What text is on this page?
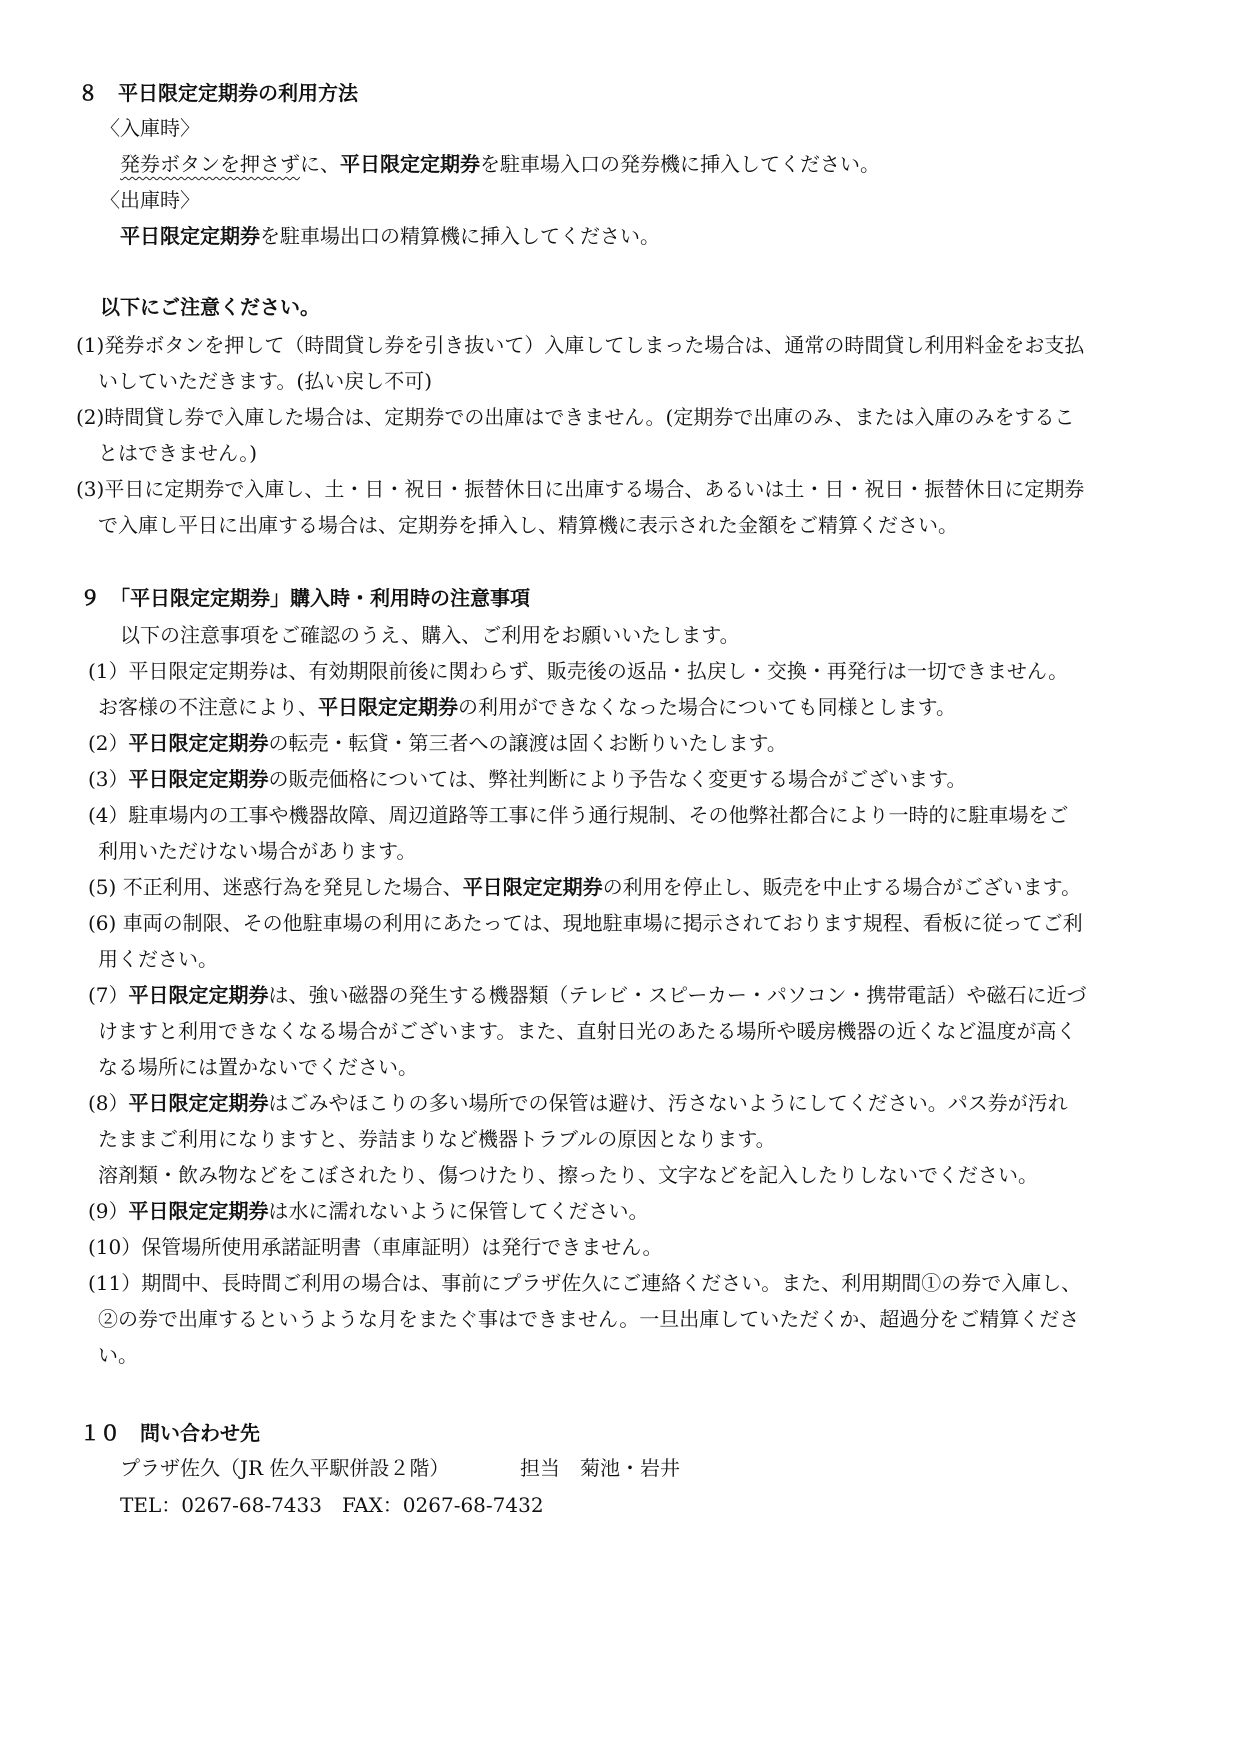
８　平日限定定期券の利用方法
〈入庫時〉
発券ボタンを押さずに、平日限定定期券を駐車場入口の発券機に挿入してください。
〈出庫時〉
平日限定定期券を駐車場出口の精算機に挿入してください。
以下にご注意ください。
(1)発券ボタンを押して（時間貸し券を引き抜いて）入庫してしまった場合は、通常の時間貸し利用料金をお支払
いしていただきます。(払い戻し不可)
(2)時間貸し券で入庫した場合は、定期券での出庫はできません。(定期券で出庫のみ、または入庫のみをするこ
とはできません。)
(3)平日に定期券で入庫し、土・日・祝日・振替休日に出庫する場合、あるいは土・日・祝日・振替休日に定期券
で入庫し平日に出庫する場合は、定期券を挿入し、精算機に表示された金額をご精算ください。
９　「平日限定定期券」購入時・利用時の注意事項
以下の注意事項をご確認のうえ、購入、ご利用をお願いいたします。
(1）平日限定定期券は、有効期限前後に関わらず、販売後の返品・払戻し・交換・再発行は一切できません。
お客様の不注意により、平日限定定期券の利用ができなくなった場合についても同様とします。
(2）平日限定定期券の転売・転貸・第三者への譲渡は固くお断りいたします。
(3）平日限定定期券の販売価格については、弊社判断により予告なく変更する場合がございます。
(4）駐車場内の工事や機器故障、周辺道路等工事に伴う通行規制、その他弊社都合により一時的に駐車場をご
利用いただけない場合があります。
(5) 不正利用、迷惑行為を発見した場合、平日限定定期券の利用を停止し、販売を中止する場合がございます。
(6) 車両の制限、その他駐車場の利用にあたっては、現地駐車場に掲示されております規程、看板に従ってご利
用ください。
(7）平日限定定期券は、強い磁器の発生する機器類（テレビ・スピーカー・パソコン・携帯電話）や磁石に近づ
けますと利用できなくなる場合がございます。また、直射日光のあたる場所や暖房機器の近くなど温度が高く
なる場所には置かないでください。
(8）平日限定定期券はごみやほこりの多い場所での保管は避け、汚さないようにしてください。パス券が汚れ
たままご利用になりますと、券詰まりなど機器トラブルの原因となります。
溶剤類・飲み物などをこぼされたり、傷つけたり、擦ったり、文字などを記入したりしないでください。
(9）平日限定定期券は水に濡れないように保管してください。
(10）保管場所使用承諾証明書（車庫証明）は発行できません。
(11）期間中、長時間ご利用の場合は、事前にプラザ佐久にご連絡ください。また、利用期間①の券で入庫し、
②の券で出庫するというような月をまたぐ事はできません。一旦出庫していただくか、超過分をご精算くださ
い。
１０　問い合わせ先
プラザ佐久（JR 佐久平駅併設２階）	担当　菊池・岩井
TEL：0267-68-7433　FAX：0267-68-7432
